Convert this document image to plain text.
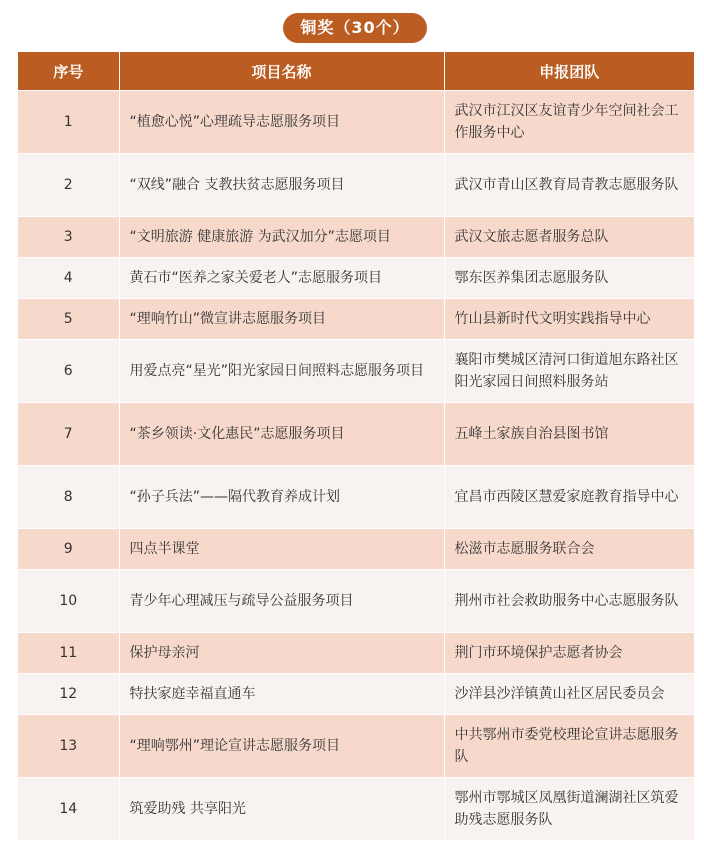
铜奖（30个）
序号	项目名称	申报团队
1	“植愈心悦”心理疏导志愿服务项目	武汉市江汉区友谊青少年空间社会工作服务中心
2	“双线”融合 支教扶贫志愿服务项目	武汉市青山区教育局青教志愿服务队
3	“文明旅游 健康旅游 为武汉加分”志愿项目	武汉文旅志愿者服务总队
4	黄石市“医养之家关爱老人”志愿服务项目	鄂东医养集团志愿服务队
5	“理响竹山”微宣讲志愿服务项目	竹山县新时代文明实践指导中心
6	用爱点亮“星光”阳光家园日间照料志愿服务项目	襄阳市樊城区清河口街道旭东路社区阳光家园日间照料服务站
7	“茶乡领读·文化惠民”志愿服务项目	五峰土家族自治县图书馆
8	“孙子兵法”——隔代教育养成计划	宜昌市西陵区慧爱家庭教育指导中心
9	四点半课堂	松滋市志愿服务联合会
10	青少年心理减压与疏导公益服务项目	荆州市社会救助服务中心志愿服务队
11	保护母亲河	荆门市环境保护志愿者协会
12	特扶家庭幸福直通车	沙洋县沙洋镇黄山社区居民委员会
13	“理响鄂州”理论宣讲志愿服务项目	中共鄂州市委党校理论宣讲志愿服务队
14	筑爱助残 共享阳光	鄂州市鄂城区凤凰街道澜湖社区筑爱助残志愿服务队
